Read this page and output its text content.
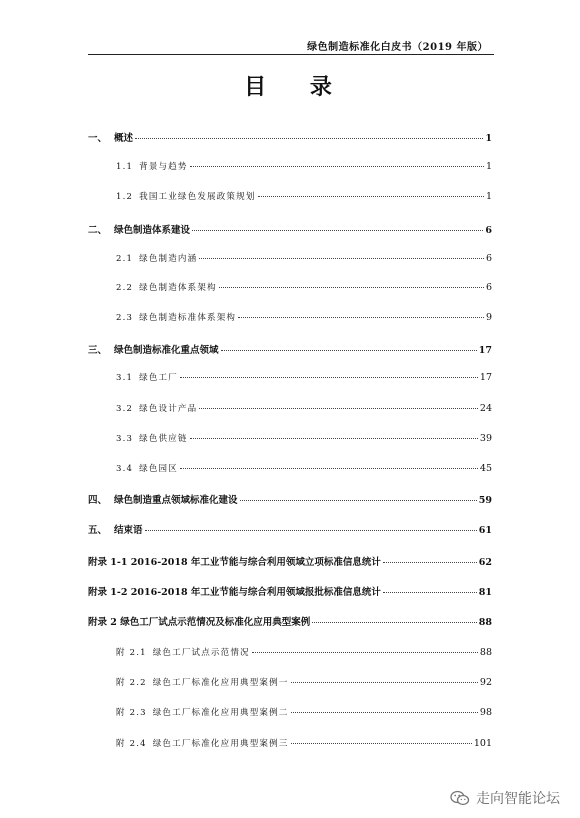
绿色制造标准化白皮书（2019 年版）
目 录
一、 概述	1
1.1 背景与趋势	1
1.2 我国工业绿色发展政策规划	1
二、 绿色制造体系建设	6
2.1 绿色制造内涵	6
2.2 绿色制造体系架构	6
2.3 绿色制造标准体系架构	9
三、 绿色制造标准化重点领域	17
3.1 绿色工厂	17
3.2 绿色设计产品	24
3.3 绿色供应链	39
3.4 绿色园区	45
四、 绿色制造重点领域标准化建设	59
五、 结束语	61
附录 1-1 2016-2018 年工业节能与综合利用领域立项标准信息统计	62
附录 1-2 2016-2018 年工业节能与综合利用领域报批标准信息统计	81
附录 2 绿色工厂试点示范情况及标准化应用典型案例	88
附 2.1 绿色工厂试点示范情况	88
附 2.2 绿色工厂标准化应用典型案例一	92
附 2.3 绿色工厂标准化应用典型案例二	98
附 2.4 绿色工厂标准化应用典型案例三	101
走向智能论坛
